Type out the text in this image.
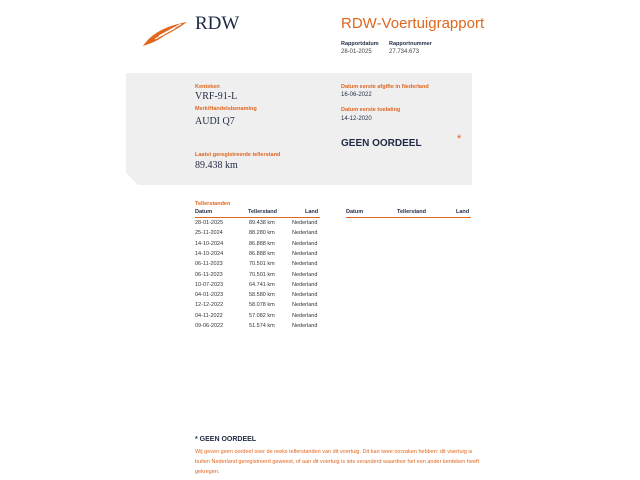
RDW	RDW-Voertuigrapport
Rapportdatum
28-01-2025
Rapportnummer
27.734.673
Kenteken
VRF-91-L
Merk/Handelsbenaming
AUDI Q7
Datum eerste afgifte in Nederland
16-06-2022
Datum eerste toelating
14-12-2020
GEEN OORDEEL	*
Laatst geregistreerde tellerstand
89.438 km
Tellerstanden
Datum	Tellerstand	Land	Datum	Tellerstand	Land
28-01-2025	89.438 km	Nederland
25-11-2024	88.280 km	Nederland
14-10-2024	86.888 km	Nederland
14-10-2024	86.888 km	Nederland
06-11-2023	70.501 km	Nederland
06-11-2023	70.501 km	Nederland
10-07-2023	64.741 km	Nederland
04-01-2023	58.580 km	Nederland
12-12-2022	58.078 km	Nederland
04-11-2022	57.082 km	Nederland
09-06-2022	51.574 km	Nederland
* GEEN OORDEEL
Wij geven geen oordeel over de reeks tellerstanden van dit voertuig. Dit kan twee oorzaken hebben: dit voertuig is buiten Nederland geregistreerd geweest, of aan dit voertuig is iets veranderd waardoor het een ander kenteken heeft gekregen.
